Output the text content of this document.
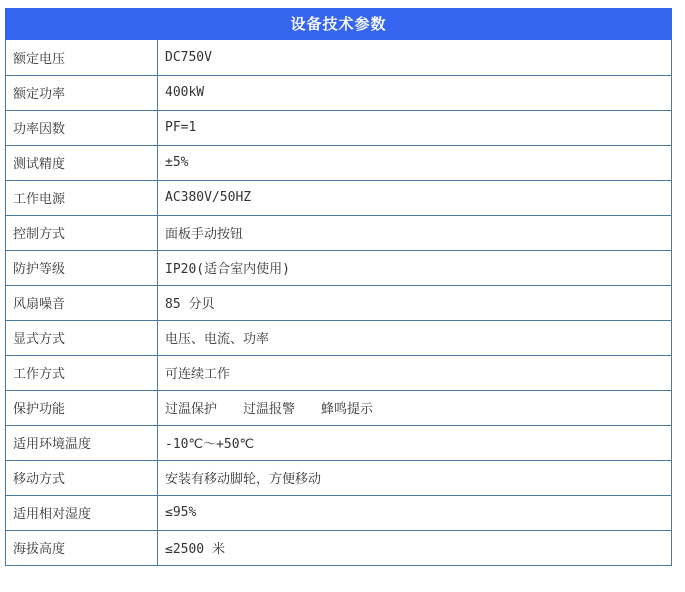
设备技术参数
额定电压	DC750V
额定功率	400kW
功率因数	PF=1
测试精度	±5%
工作电源	AC380V/50HZ
控制方式	面板手动按钮
防护等级	IP20(适合室内使用)
风扇噪音	85 分贝
显式方式	电压、电流、功率
工作方式	可连续工作
保护功能	过温保护　　过温报警　　蜂鸣提示
适用环境温度	-10℃～+50℃
移动方式	安装有移动脚轮，方便移动
适用相对湿度	≤95%
海拔高度	≤2500 米
